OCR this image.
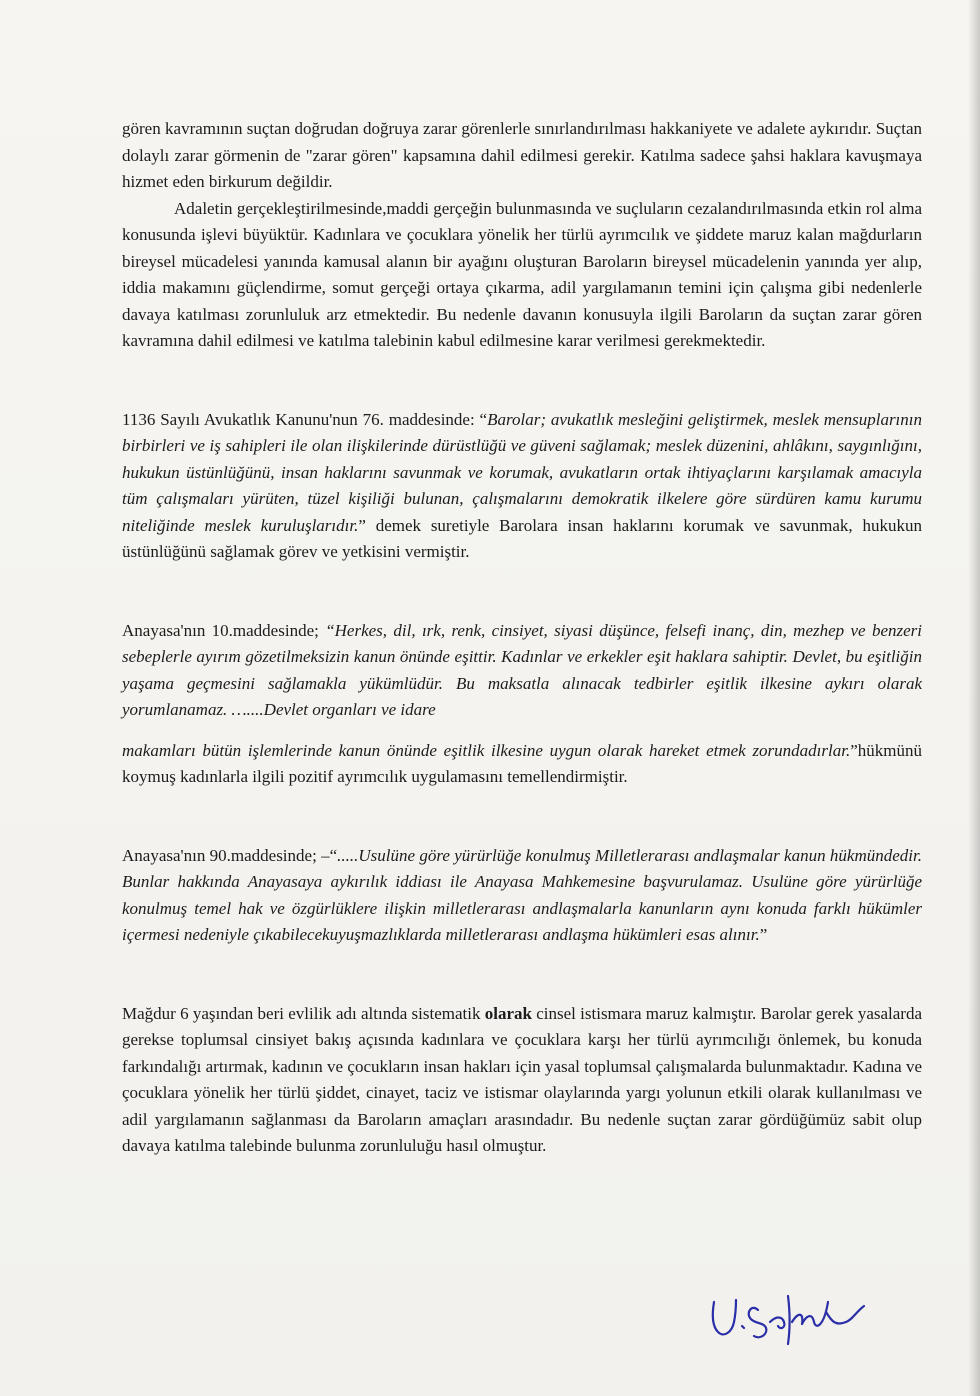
gören kavramının suçtan doğrudan doğruya zarar görenlerle sınırlandırılması hakkaniyete ve adalete aykırıdır. Suçtan dolaylı zarar görmenin de "zarar gören" kapsamına dahil edilmesi gerekir. Katılma sadece şahsi haklara kavuşmaya hizmet eden birkurum değildir.

Adaletin gerçekleştirilmesinde,maddi gerçeğin bulunmasında ve suçluların cezalandırılmasında etkin rol alma konusunda işlevi büyüktür. Kadınlara ve çocuklara yönelik her türlü ayrımcılık ve şiddete maruz kalan mağdurların bireysel mücadelesi yanında kamusal alanın bir ayağını oluşturan Baroların bireysel mücadelenin yanında yer alıp, iddia makamını güçlendirme, somut gerçeği ortaya çıkarma, adil yargılamanın temini için çalışma gibi nedenlerle davaya katılması zorunluluk arz etmektedir. Bu nedenle davanın konusuyla ilgili Baroların da suçtan zarar gören kavramına dahil edilmesi ve katılma talebinin kabul edilmesine karar verilmesi gerekmektedir.

1136 Sayılı Avukatlık Kanunu'nun 76. maddesinde: “Barolar; avukatlık mesleğini geliştirmek, meslek mensuplarının birbirleri ve iş sahipleri ile olan ilişkilerinde dürüstlüğü ve güveni sağlamak; meslek düzenini, ahlâkını, saygınlığını, hukukun üstünlüğünü, insan haklarını savunmak ve korumak, avukatların ortak ihtiyaçlarını karşılamak amacıyla tüm çalışmaları yürüten, tüzel kişiliği bulunan, çalışmalarını demokratik ilkelere göre sürdüren kamu kurumu niteliğinde meslek kuruluşlarıdır.” demek suretiyle Barolara insan haklarını korumak ve savunmak, hukukun üstünlüğünü sağlamak görev ve yetkisini vermiştir.

Anayasa'nın 10.maddesinde; “Herkes, dil, ırk, renk, cinsiyet, siyasi düşünce, felsefi inanç, din, mezhep ve benzeri sebeplerle ayırım gözetilmeksizin kanun önünde eşittir. Kadınlar ve erkekler eşit haklara sahiptir. Devlet, bu eşitliğin yaşama geçmesini sağlamakla yükümlüdür. Bu maksatla alınacak tedbirler eşitlik ilkesine aykırı olarak yorumlanamaz. …....Devlet organları ve idare

makamları bütün işlemlerinde kanun önünde eşitlik ilkesine uygun olarak hareket etmek zorundadırlar.”hükmünü koymuş kadınlarla ilgili pozitif ayrımcılık uygulamasını temellendirmiştir.

Anayasa'nın 90.maddesinde; –“.....Usulüne göre yürürlüğe konulmuş Milletlerarası andlaşmalar kanun hükmündedir. Bunlar hakkında Anayasaya aykırılık iddiası ile Anayasa Mahkemesine başvurulamaz. Usulüne göre yürürlüğe konulmuş temel hak ve özgürlüklere ilişkin milletlerarası andlaşmalarla kanunların aynı konuda farklı hükümler içermesi nedeniyle çıkabilecekuyuşmazlıklarda milletlerarası andlaşma hükümleri esas alınır.”

Mağdur 6 yaşından beri evlilik adı altında sistematik olarak cinsel istismara maruz kalmıştır. Barolar gerek yasalarda gerekse toplumsal cinsiyet bakış açısında kadınlara ve çocuklara karşı her türlü ayrımcılığı önlemek, bu konuda farkındalığı artırmak, kadının ve çocukların insan hakları için yasal toplumsal çalışmalarda bulunmaktadır. Kadına ve çocuklara yönelik her türlü şiddet, cinayet, taciz ve istismar olaylarında yargı yolunun etkili olarak kullanılması ve adil yargılamanın sağlanması da Baroların amaçları arasındadır. Bu nedenle suçtan zarar gördüğümüz sabit olup davaya katılma talebinde bulunma zorunluluğu hasıl olmuştur.
